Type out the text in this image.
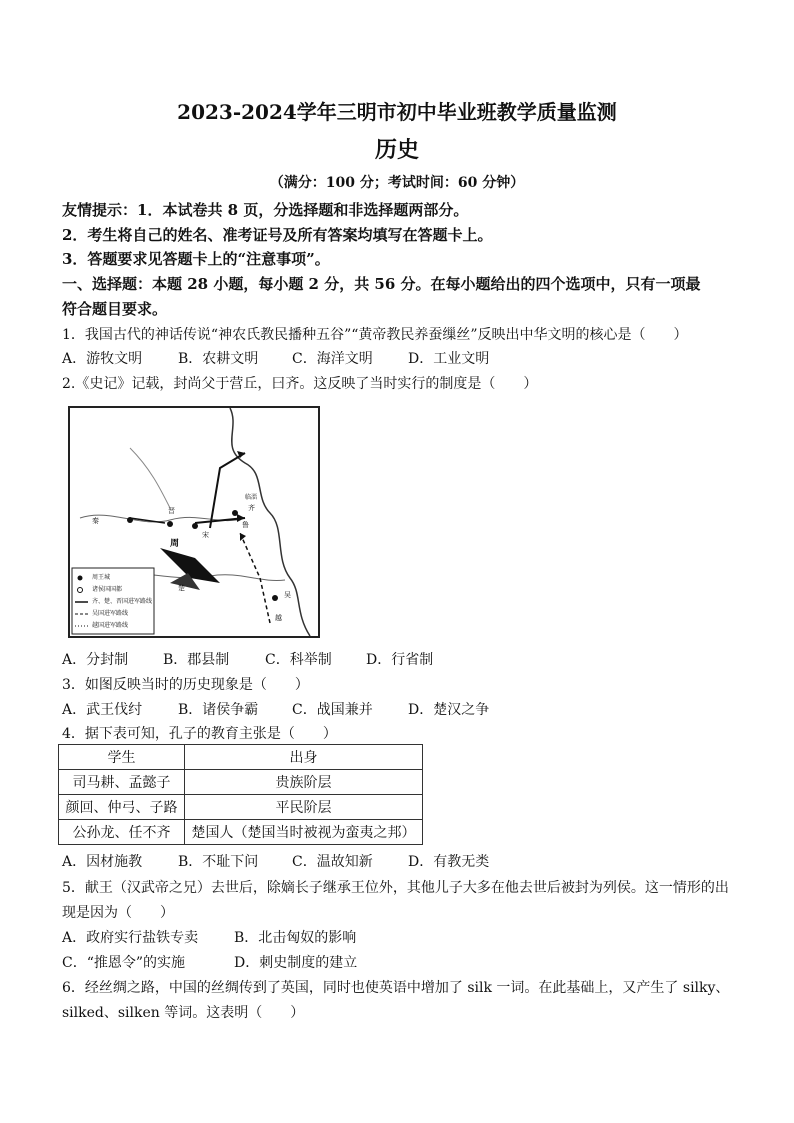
2023-2024学年三明市初中毕业班教学质量监测
历史
（满分：100 分；考试时间：60 分钟）
友情提示：1．本试卷共 8 页，分选择题和非选择题两部分。
2．考生将自己的姓名、准考证号及所有答案均填写在答题卡上。
3．答题要求见答题卡上的“注意事项”。
一、选择题：本题 28 小题，每小题 2 分，共 56 分。在每小题给出的四个选项中，只有一项最
符合题目要求。
1．我国古代的神话传说“神农氏教民播种五谷”“黄帝教民养蚕缫丝”反映出中华文明的核心是（　　）
A．游牧文明	B．农耕文明 C．海洋文明	D．工业文明
2.《史记》记载，封尚父于营丘，曰齐。这反映了当时实行的制度是（　　）
周王城
诸侯国国都
齐、楚、晋国进军路线
吴国进军路线
越国进军路线
周
晋
秦
宋
鲁
齐
临淄
楚
吴
越
A．分封制 B．郡县制	C．科举制 D．行省制
3．如图反映当时的历史现象是（　　）
A．武王伐纣	B．诸侯争霸 C．战国兼并	D．楚汉之争
4．据下表可知，孔子的教育主张是（　　）
学生	出身
司马耕、孟懿子	贵族阶层
颜回、仲弓、子路	平民阶层
公孙龙、任不齐	楚国人（楚国当时被视为蛮夷之邦）
A．因材施教	B．不耻下问 C．温故知新	D．有教无类
5．献王（汉武帝之兄）去世后，除嫡长子继承王位外，其他儿子大多在他去世后被封为列侯。这一情形的出
现是因为（　　）
A．政府实行盐铁专卖	B．北击匈奴的影响
C．“推恩令”的实施	D．刺史制度的建立
6．经丝绸之路，中国的丝绸传到了英国，同时也使英语中增加了 silk 一词。在此基础上，又产生了 silky、
silked、silken 等词。这表明（　　）
